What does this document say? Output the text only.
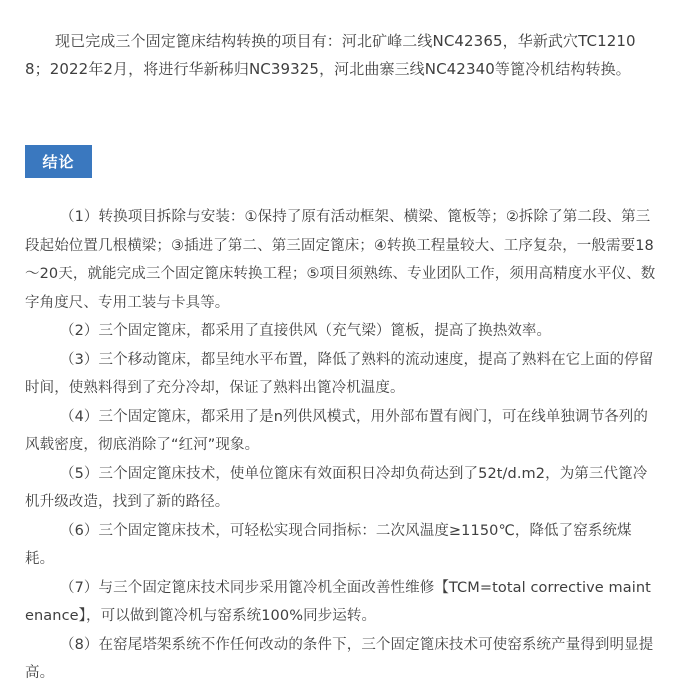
现已完成三个固定篦床结构转换的项目有：河北矿峰二线NC42365，华新武穴TC12108；2022年2月，将进行华新秭归NC39325，河北曲寨三线NC42340等篦冷机结构转换。

结论
（1）转换项目拆除与安装：①保持了原有活动框架、横梁、篦板等；②拆除了第二段、第三段起始位置几根横梁；③插进了第二、第三固定篦床；④转换工程量较大、工序复杂，一般需要18～20天，就能完成三个固定篦床转换工程；⑤项目须熟练、专业团队工作，须用高精度水平仪、数字角度尺、专用工装与卡具等。
（2）三个固定篦床，都采用了直接供风（充气梁）篦板，提高了换热效率。
（3）三个移动篦床，都呈纯水平布置，降低了熟料的流动速度，提高了熟料在它上面的停留时间，使熟料得到了充分冷却，保证了熟料出篦冷机温度。
（4）三个固定篦床，都采用了是n列供风模式，用外部布置有阀门，可在线单独调节各列的风载密度，彻底消除了“红河”现象。
（5）三个固定篦床技术，使单位篦床有效面积日冷却负荷达到了52t/d.m2，为第三代篦冷机升级改造，找到了新的路径。
（6）三个固定篦床技术，可轻松实现合同指标：二次风温度≥1150℃，降低了窑系统煤耗。
（7）与三个固定篦床技术同步采用篦冷机全面改善性维修【TCM=total corrective maintenance】，可以做到篦冷机与窑系统100%同步运转。
（8）在窑尾塔架系统不作任何改动的条件下，三个固定篦床技术可使窑系统产量得到明显提高。
